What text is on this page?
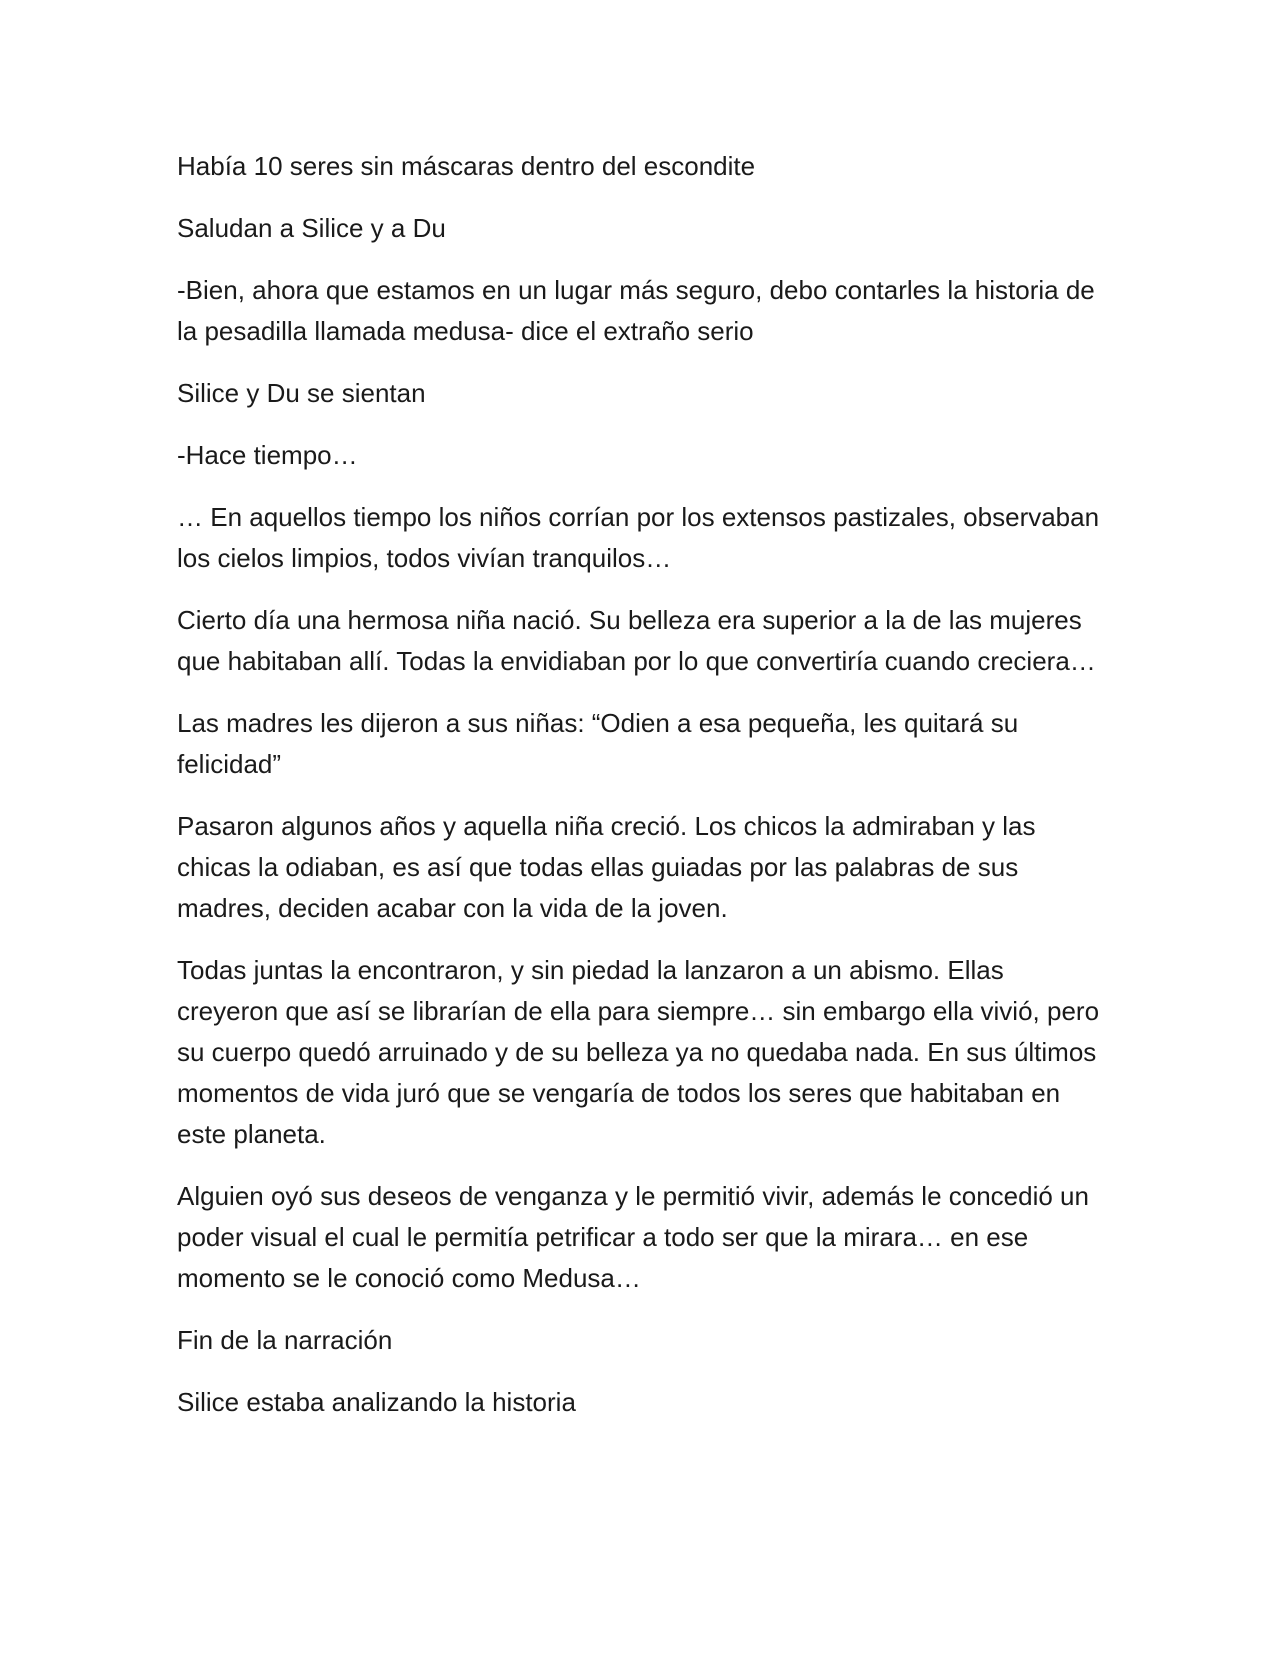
Había 10 seres sin máscaras dentro del escondite

Saludan a Silice y a Du

-Bien, ahora que estamos en un lugar más seguro, debo contarles la historia de la pesadilla llamada medusa- dice el extraño serio

Silice y Du se sientan

-Hace tiempo…

… En aquellos tiempo los niños corrían por los extensos pastizales, observaban los cielos limpios, todos vivían tranquilos…

Cierto día una hermosa niña nació. Su belleza era superior a la de las mujeres que habitaban allí. Todas la envidiaban por lo que convertiría cuando creciera…

Las madres les dijeron a sus niñas: “Odien a esa pequeña, les quitará su felicidad”

Pasaron algunos años y aquella niña creció. Los chicos la admiraban y las chicas la odiaban, es así que todas ellas guiadas por las palabras de sus madres, deciden acabar con la vida de la joven.

Todas juntas la encontraron, y sin piedad la lanzaron a un abismo. Ellas creyeron que así se librarían de ella para siempre… sin embargo ella vivió, pero su cuerpo quedó arruinado y de su belleza ya no quedaba nada. En sus últimos momentos de vida juró que se vengaría de todos los seres que habitaban en este planeta.

Alguien oyó sus deseos de venganza y le permitió vivir, además le concedió un poder visual el cual le permitía petrificar a todo ser que la mirara… en ese momento se le conoció como Medusa…

Fin de la narración

Silice estaba analizando la historia
